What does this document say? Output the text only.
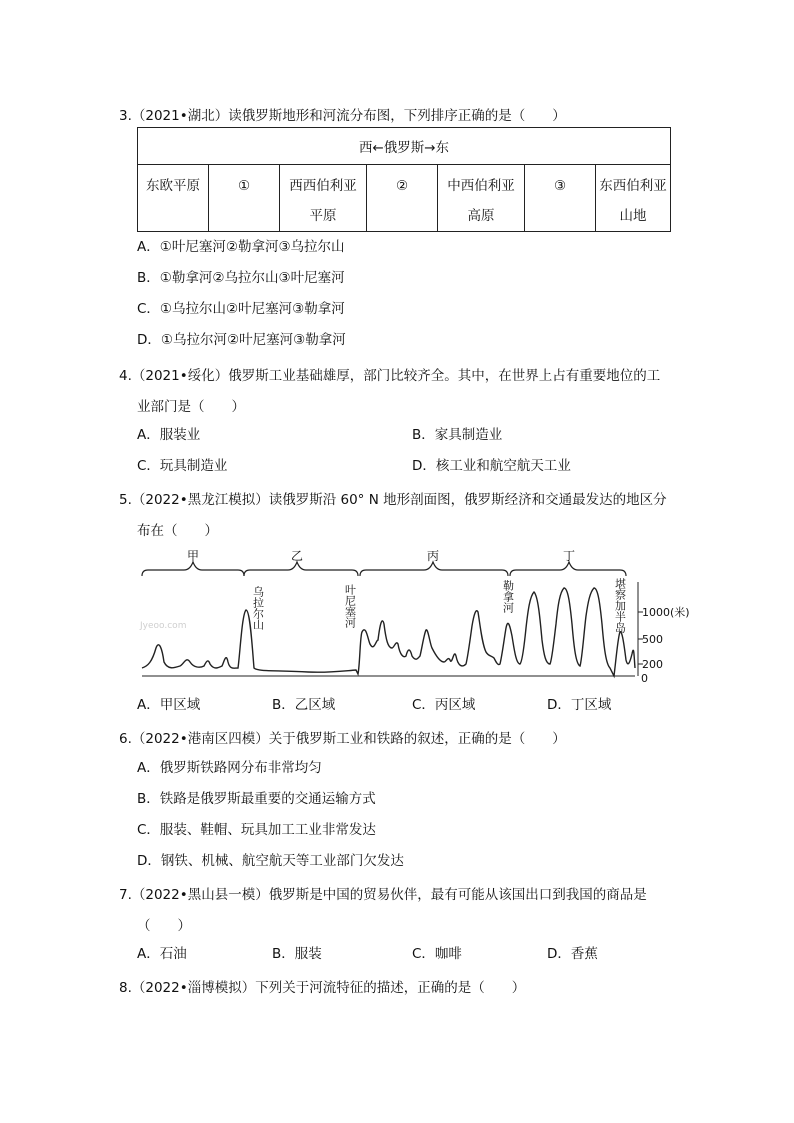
3.（2021•湖北）读俄罗斯地形和河流分布图，下列排序正确的是（　　）
西←俄罗斯→东
东欧平原	①	西西伯利亚平原	②	中西伯利亚高原	③	东西伯利亚山地
A．①叶尼塞河②勒拿河③乌拉尔山
B．①勒拿河②乌拉尔山③叶尼塞河
C．①乌拉尔山②叶尼塞河③勒拿河
D．①乌拉尔河②叶尼塞河③勒拿河
4.（2021•绥化）俄罗斯工业基础雄厚，部门比较齐全。其中，在世界上占有重要地位的工
业部门是（　　）
A．服装业	B．家具制造业
C．玩具制造业	D．核工业和航空航天工业
5.（2022•黑龙江模拟）读俄罗斯沿 60° N 地形剖面图，俄罗斯经济和交通最发达的地区分
布在（　　）
甲	乙	丙	丁
乌拉尔山	叶尼塞河	勒拿河	堪察加半岛
Jyeoo.com
1000(米)
500
200
0
A．甲区域	B．乙区域	C．丙区域	D．丁区域
6.（2022•港南区四模）关于俄罗斯工业和铁路的叙述，正确的是（　　）
A．俄罗斯铁路网分布非常均匀
B．铁路是俄罗斯最重要的交通运输方式
C．服装、鞋帽、玩具加工工业非常发达
D．钢铁、机械、航空航天等工业部门欠发达
7.（2022•黑山县一模）俄罗斯是中国的贸易伙伴，最有可能从该国出口到我国的商品是
（　　）
A．石油	B．服装	C．咖啡	D．香蕉
8.（2022•淄博模拟）下列关于河流特征的描述，正确的是（　　）
